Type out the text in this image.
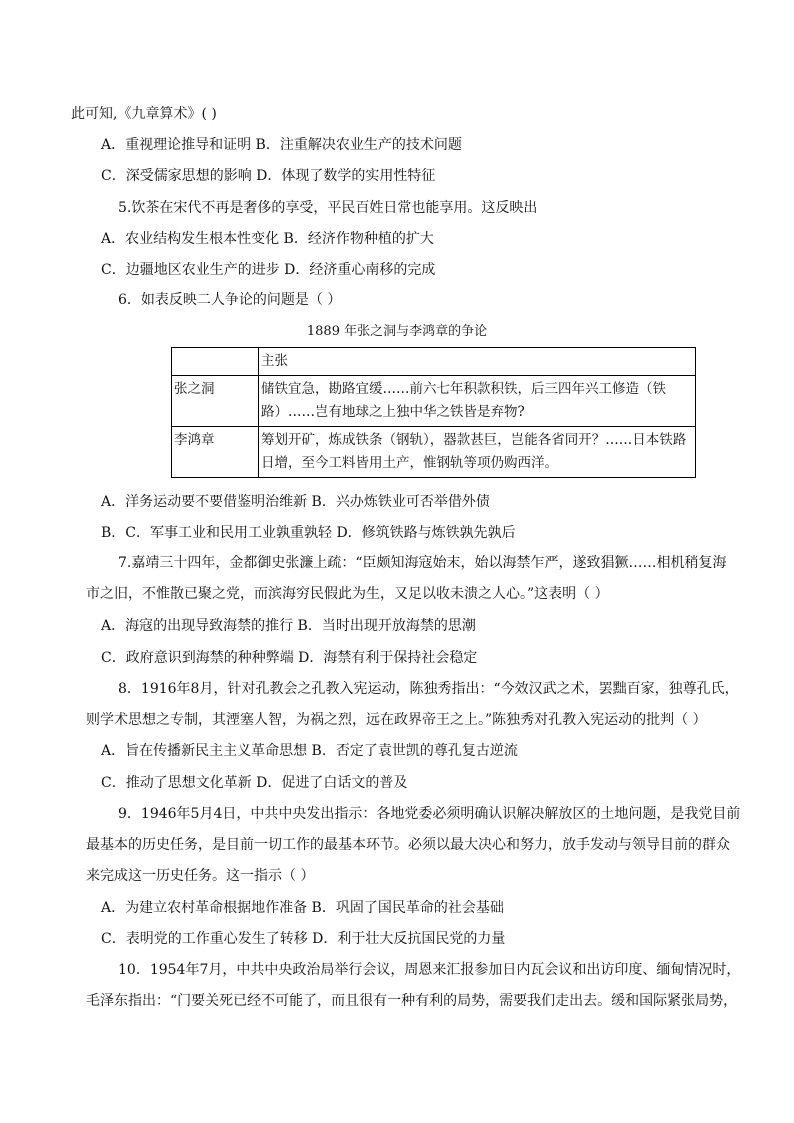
此可知,《九章算术》( )
A．重视理论推导和证明 B．注重解决农业生产的技术问题
C．深受儒家思想的影响 D．体现了数学的实用性特征
5.饮茶在宋代不再是奢侈的享受，平民百姓日常也能享用。这反映出
A．农业结构发生根本性变化 B．经济作物种植的扩大
C．边疆地区农业生产的进步 D．经济重心南移的完成
6．如表反映二人争论的问题是（ ）
1889 年张之洞与李鸿章的争论
	主张
张之洞	储铁宜急，勘路宜缓……前六七年积款积铁，后三四年兴工修造（铁路）……岂有地球之上独中华之铁皆是弃物?
李鸿章	筹划开矿，炼成铁条（钢轨），器款甚巨，岂能各省同开？……日本铁路日增，至今工料皆用土产，惟钢轨等项仍购西洋。
A．洋务运动要不要借鉴明治维新 B．兴办炼铁业可否举借外债
B．C．军事工业和民用工业孰重孰轻 D．修筑铁路与炼铁孰先孰后
7.嘉靖三十四年，金都御史张濂上疏：“臣颇知海寇始末，始以海禁乍严，遂致猖獗……相机稍复海
市之旧，不惟散已聚之党，而滨海穷民假此为生，又足以收未溃之人心。”这表明（ ）
A．海寇的出现导致海禁的推行 B．当时出现开放海禁的思潮
C．政府意识到海禁的种种弊端 D．海禁有利于保持社会稳定
8．1916年8月，针对孔教会之孔教入宪运动，陈独秀指出：“今效汉武之术，罢黜百家，独尊孔氏，
则学术思想之专制，其湮塞人智，为祸之烈，远在政界帝王之上。”陈独秀对孔教入宪运动的批判（ ）
A．旨在传播新民主主义革命思想 B．否定了袁世凯的尊孔复古逆流
C．推动了思想文化革新 D．促进了白话文的普及
9．1946年5月4日，中共中央发出指示：各地党委必须明确认识解决解放区的土地问题，是我党目前
最基本的历史任务，是目前一切工作的最基本环节。必须以最大决心和努力，放手发动与领导目前的群众
来完成这一历史任务。这一指示（ ）
A．为建立农村革命根据地作准备 B．巩固了国民革命的社会基础
C．表明党的工作重心发生了转移 D．利于壮大反抗国民党的力量
10．1954年7月，中共中央政治局举行会议，周恩来汇报参加日内瓦会议和出访印度、缅甸情况时，
毛泽东指出：“门要关死已经不可能了，而且很有一种有利的局势，需要我们走出去。缓和国际紧张局势，
